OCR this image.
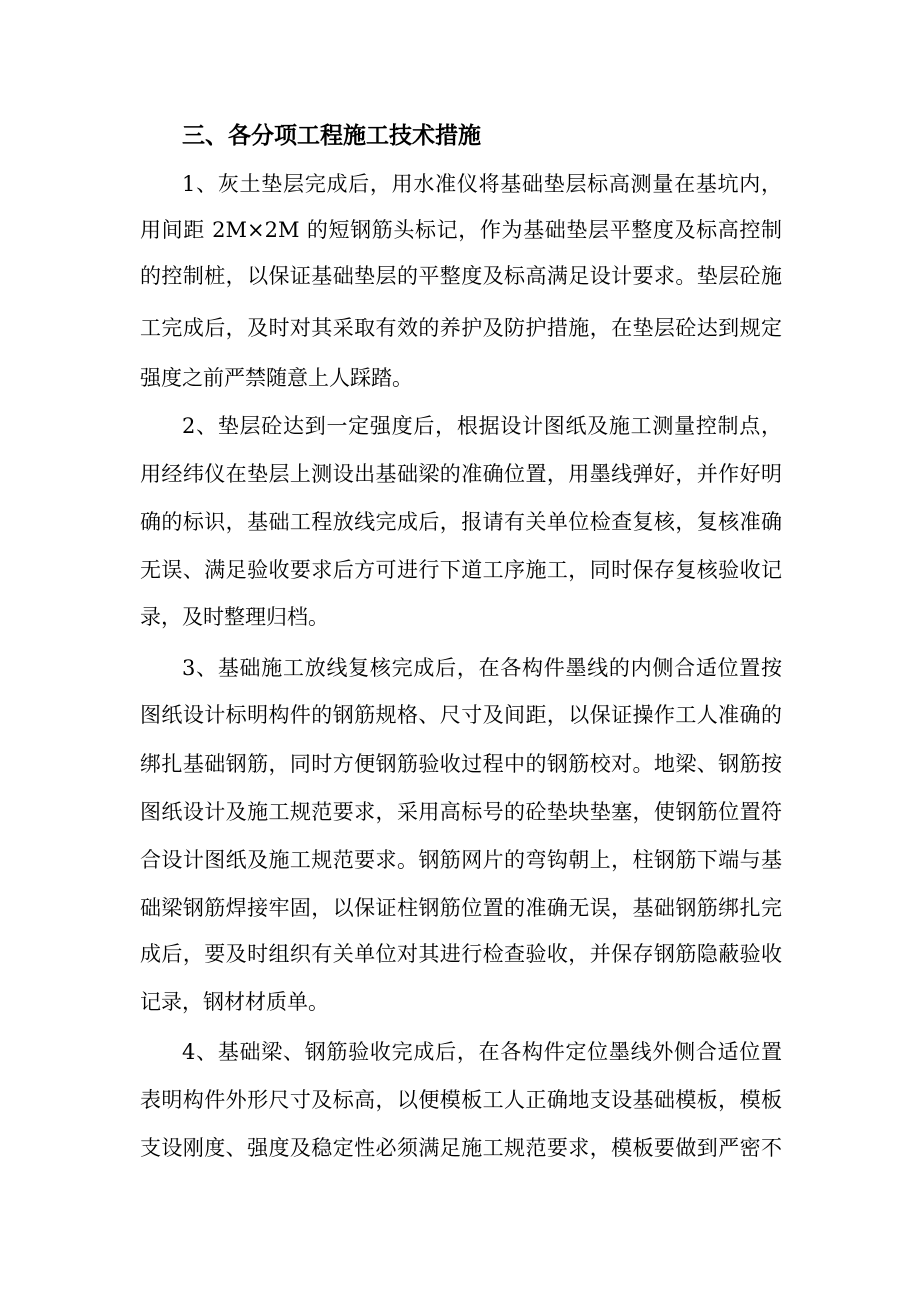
三、各分项工程施工技术措施
1、灰土垫层完成后，用水准仪将基础垫层标高测量在基坑内，
用间距 2M×2M 的短钢筋头标记，作为基础垫层平整度及标高控制
的控制桩，以保证基础垫层的平整度及标高满足设计要求。垫层砼施
工完成后，及时对其采取有效的养护及防护措施，在垫层砼达到规定
强度之前严禁随意上人踩踏。
2、垫层砼达到一定强度后，根据设计图纸及施工测量控制点，
用经纬仪在垫层上测设出基础梁的准确位置，用墨线弹好，并作好明
确的标识，基础工程放线完成后，报请有关单位检查复核，复核准确
无误、满足验收要求后方可进行下道工序施工，同时保存复核验收记
录，及时整理归档。
3、基础施工放线复核完成后，在各构件墨线的内侧合适位置按
图纸设计标明构件的钢筋规格、尺寸及间距，以保证操作工人准确的
绑扎基础钢筋，同时方便钢筋验收过程中的钢筋校对。地梁、钢筋按
图纸设计及施工规范要求，采用高标号的砼垫块垫塞，使钢筋位置符
合设计图纸及施工规范要求。钢筋网片的弯钩朝上，柱钢筋下端与基
础梁钢筋焊接牢固，以保证柱钢筋位置的准确无误，基础钢筋绑扎完
成后，要及时组织有关单位对其进行检查验收，并保存钢筋隐蔽验收
记录，钢材材质单。
4、基础梁、钢筋验收完成后，在各构件定位墨线外侧合适位置
表明构件外形尺寸及标高，以便模板工人正确地支设基础模板，模板
支设刚度、强度及稳定性必须满足施工规范要求，模板要做到严密不
